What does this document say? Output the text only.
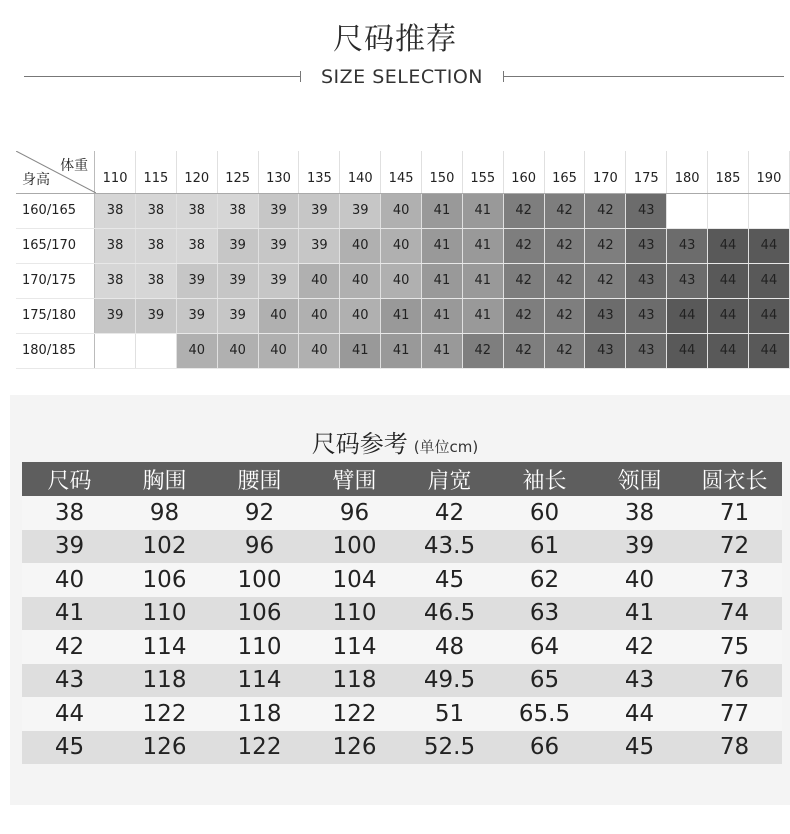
尺码推荐
SIZE SELECTION
体重
身高	110	115	120	125	130	135	140	145	150	155	160	165	170	175	180	185	190
160/165	38	38	38	38	39	39	39	40	41	41	42	42	42	43			
165/170	38	38	38	39	39	39	40	40	41	41	42	42	42	43	43	44	44
170/175	38	38	39	39	39	40	40	40	41	41	42	42	42	43	43	44	44
175/180	39	39	39	39	40	40	40	41	41	41	42	42	43	43	44	44	44
180/185			40	40	40	40	41	41	41	42	42	42	43	43	44	44	44
尺码参考 (单位cm)
尺码	胸围	腰围	臂围	肩宽	袖长	领围	圆衣长
38	98	92	96	42	60	38	71
39	102	96	100	43.5	61	39	72
40	106	100	104	45	62	40	73
41	110	106	110	46.5	63	41	74
42	114	110	114	48	64	42	75
43	118	114	118	49.5	65	43	76
44	122	118	122	51	65.5	44	77
45	126	122	126	52.5	66	45	78
